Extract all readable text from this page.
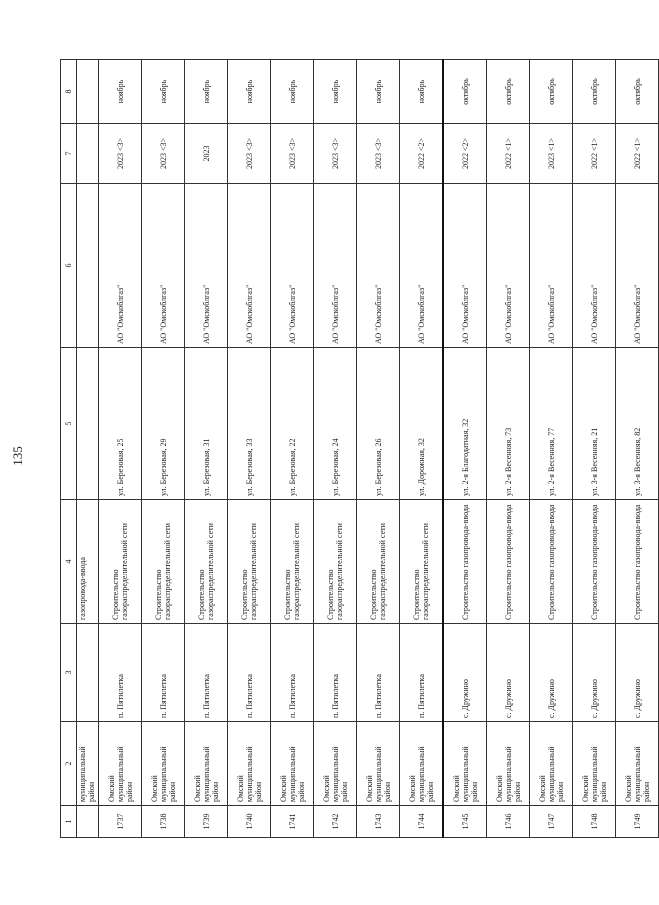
135
1	2	3	4	5	6	7	8
	муниципальный район		газопровода-ввода				
1737	Омский муниципальный район	п. Пятилетка	Строительство газораспределительной сети	ул. Березовая, 25	АО "Омскоблгаз"	2023 <3>	ноябрь
1738	Омский муниципальный район	п. Пятилетка	Строительство газораспределительной сети	ул. Березовая, 29	АО "Омскоблгаз"	2023 <3>	ноябрь
1739	Омский муниципальный район	п. Пятилетка	Строительство газораспределительной сети	ул. Березовая, 31	АО "Омскоблгаз"	2023	ноябрь
1740	Омский муниципальный район	п. Пятилетка	Строительство газораспределительной сети	ул. Березовая, 33	АО "Омскоблгаз"	2023 <3>	ноябрь
1741	Омский муниципальный район	п. Пятилетка	Строительство газораспределительной сети	ул. Березовая, 22	АО "Омскоблгаз"	2023 <3>	ноябрь
1742	Омский муниципальный район	п. Пятилетка	Строительство газораспределительной сети	ул. Березовая, 24	АО "Омскоблгаз"	2023 <3>	ноябрь
1743	Омский муниципальный район	п. Пятилетка	Строительство газораспределительной сети	ул. Березовая, 26	АО "Омскоблгаз"	2023 <3>	ноябрь
1744	Омский муниципальный район	п. Пятилетка	Строительство газораспределительной сети	ул. Дорожная, 32	АО "Омскоблгаз"	2022 <2>	ноябрь
1745	Омский муниципальный район	с. Дружино	Строительство газопровода-ввода	ул. 2-я Благодатная, 32	АО "Омскоблгаз"	2022 <2>	октябрь
1746	Омский муниципальный район	с. Дружино	Строительство газопровода-ввода	ул. 2-я Весенняя, 73	АО "Омскоблгаз"	2022 <1>	октябрь
1747	Омский муниципальный район	с. Дружино	Строительство газопровода-ввода	ул. 2-я Весенняя, 77	АО "Омскоблгаз"	2023 <1>	октябрь
1748	Омский муниципальный район	с. Дружино	Строительство газопровода-ввода	ул. 3-я Весенняя, 21	АО "Омскоблгаз"	2022 <1>	октябрь
1749	Омский муниципальный район	с. Дружино	Строительство газопровода-ввода	ул. 3-я Весенняя, 82	АО "Омскоблгаз"	2022 <1>	октябрь
